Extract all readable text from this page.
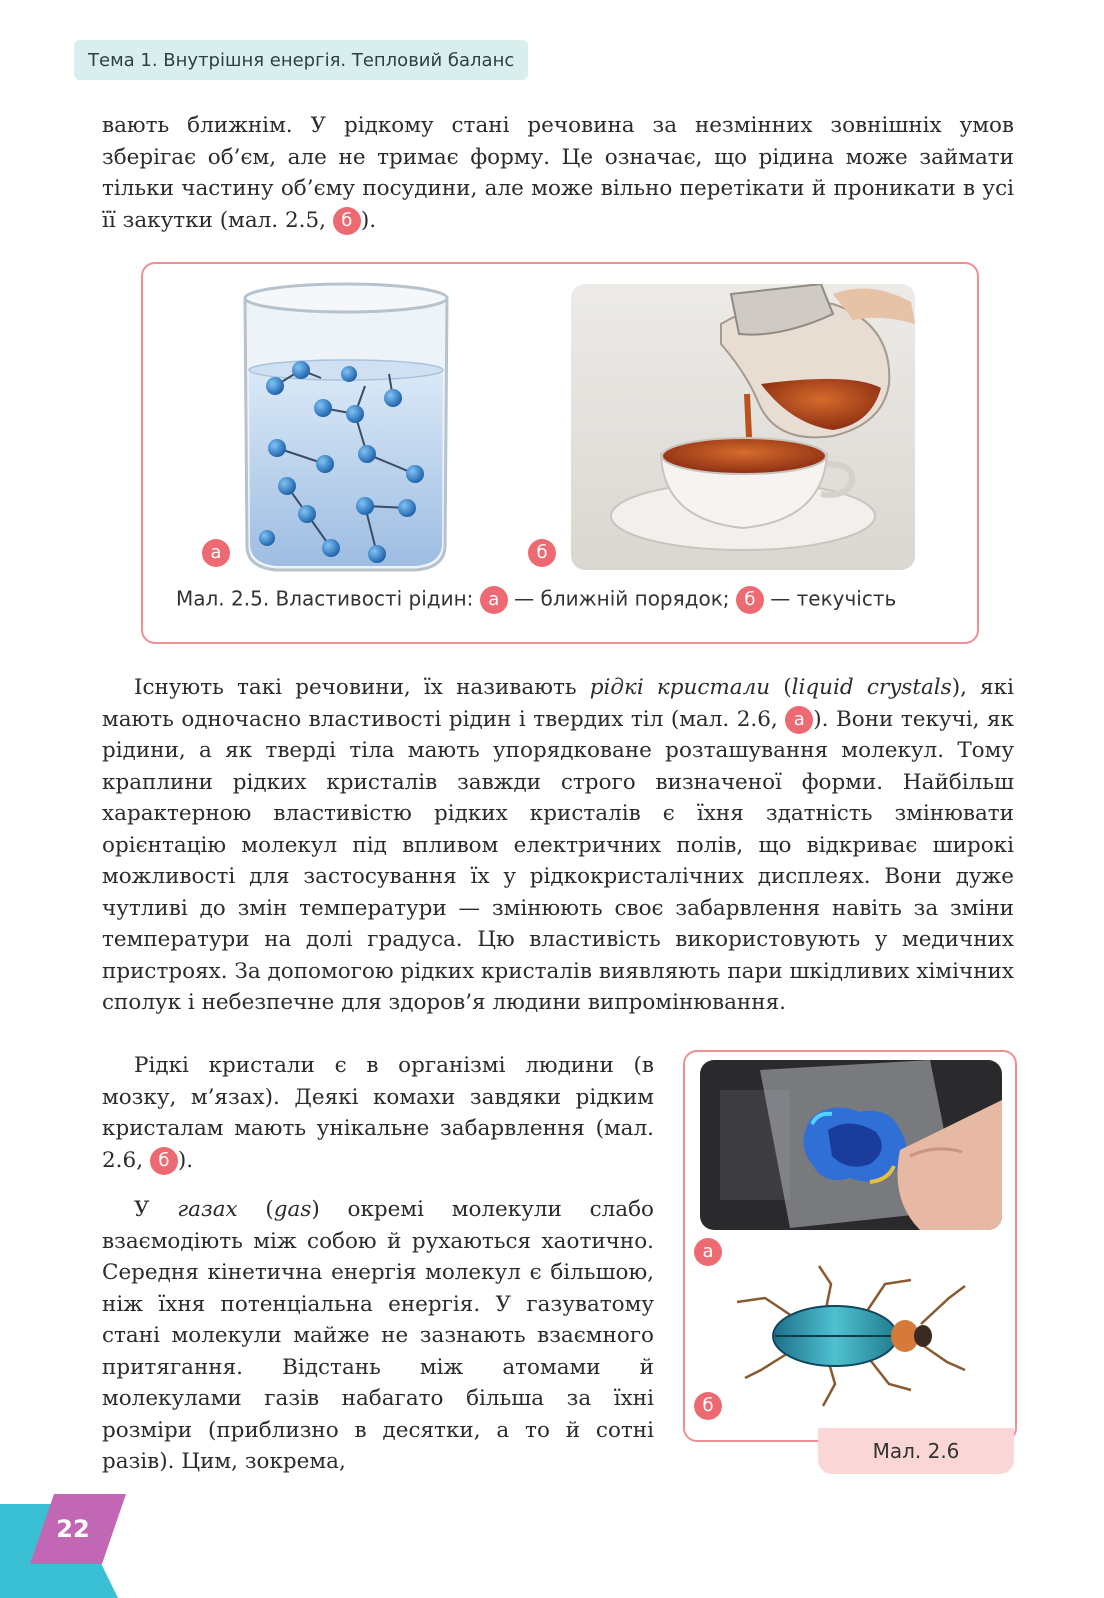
Тема 1. Внутрішня енергія. Тепловий баланс

вають ближнім. У рідкому стані речовина за незмінних зовнішніх умов зберігає об’єм, але не тримає форму. Це означає, що рідина може займати тільки частину об’єму посудини, але може вільно перетікати й проникати в усі її закутки (мал. 2.5, б ).

а	б
Мал. 2.5. Властивості рідин: а — ближній порядок; б — текучість

Існують такі речовини, їх називають рідкі кристали (liquid crystals), які мають одночасно властивості рідин і твердих тіл (мал. 2.6, а ). Вони текучі, як рідини, а як тверді тіла мають упорядковане розташування молекул. Тому краплини рідких кристалів завжди строго визначеної форми. Найбільш характерною властивістю рідких кристалів є їхня здатність змінювати орієнтацію молекул під впливом електричних полів, що відкриває широкі можливості для застосування їх у рідкокристалічних дисплеях. Вони дуже чутливі до змін температури — змінюють своє забарвлення навіть за зміни температури на долі градуса. Цю властивість використовують у медичних пристроях. За допомогою рідких кристалів виявляють пари шкідливих хімічних сполук і небезпечне для здоров’я людини випромінювання.

Рідкі кристали є в організмі людини (в мозку, м’язах). Деякі комахи завдяки рідким кристалам мають унікальне забарвлення (мал. 2.6, б ).

У газах (gas) окремі молекули слабо взаємодіють між собою й рухаються хаотично. Середня кінетична енергія молекул є більшою, ніж їхня потенціальна енергія. У газуватому стані молекули майже не зазнають взаємного притягання. Відстань між атомами й молекулами газів набагато більша за їхні розміри (приблизно в десятки, а то й сотні разів). Цим, зокрема,

а
б
Мал. 2.6
22
